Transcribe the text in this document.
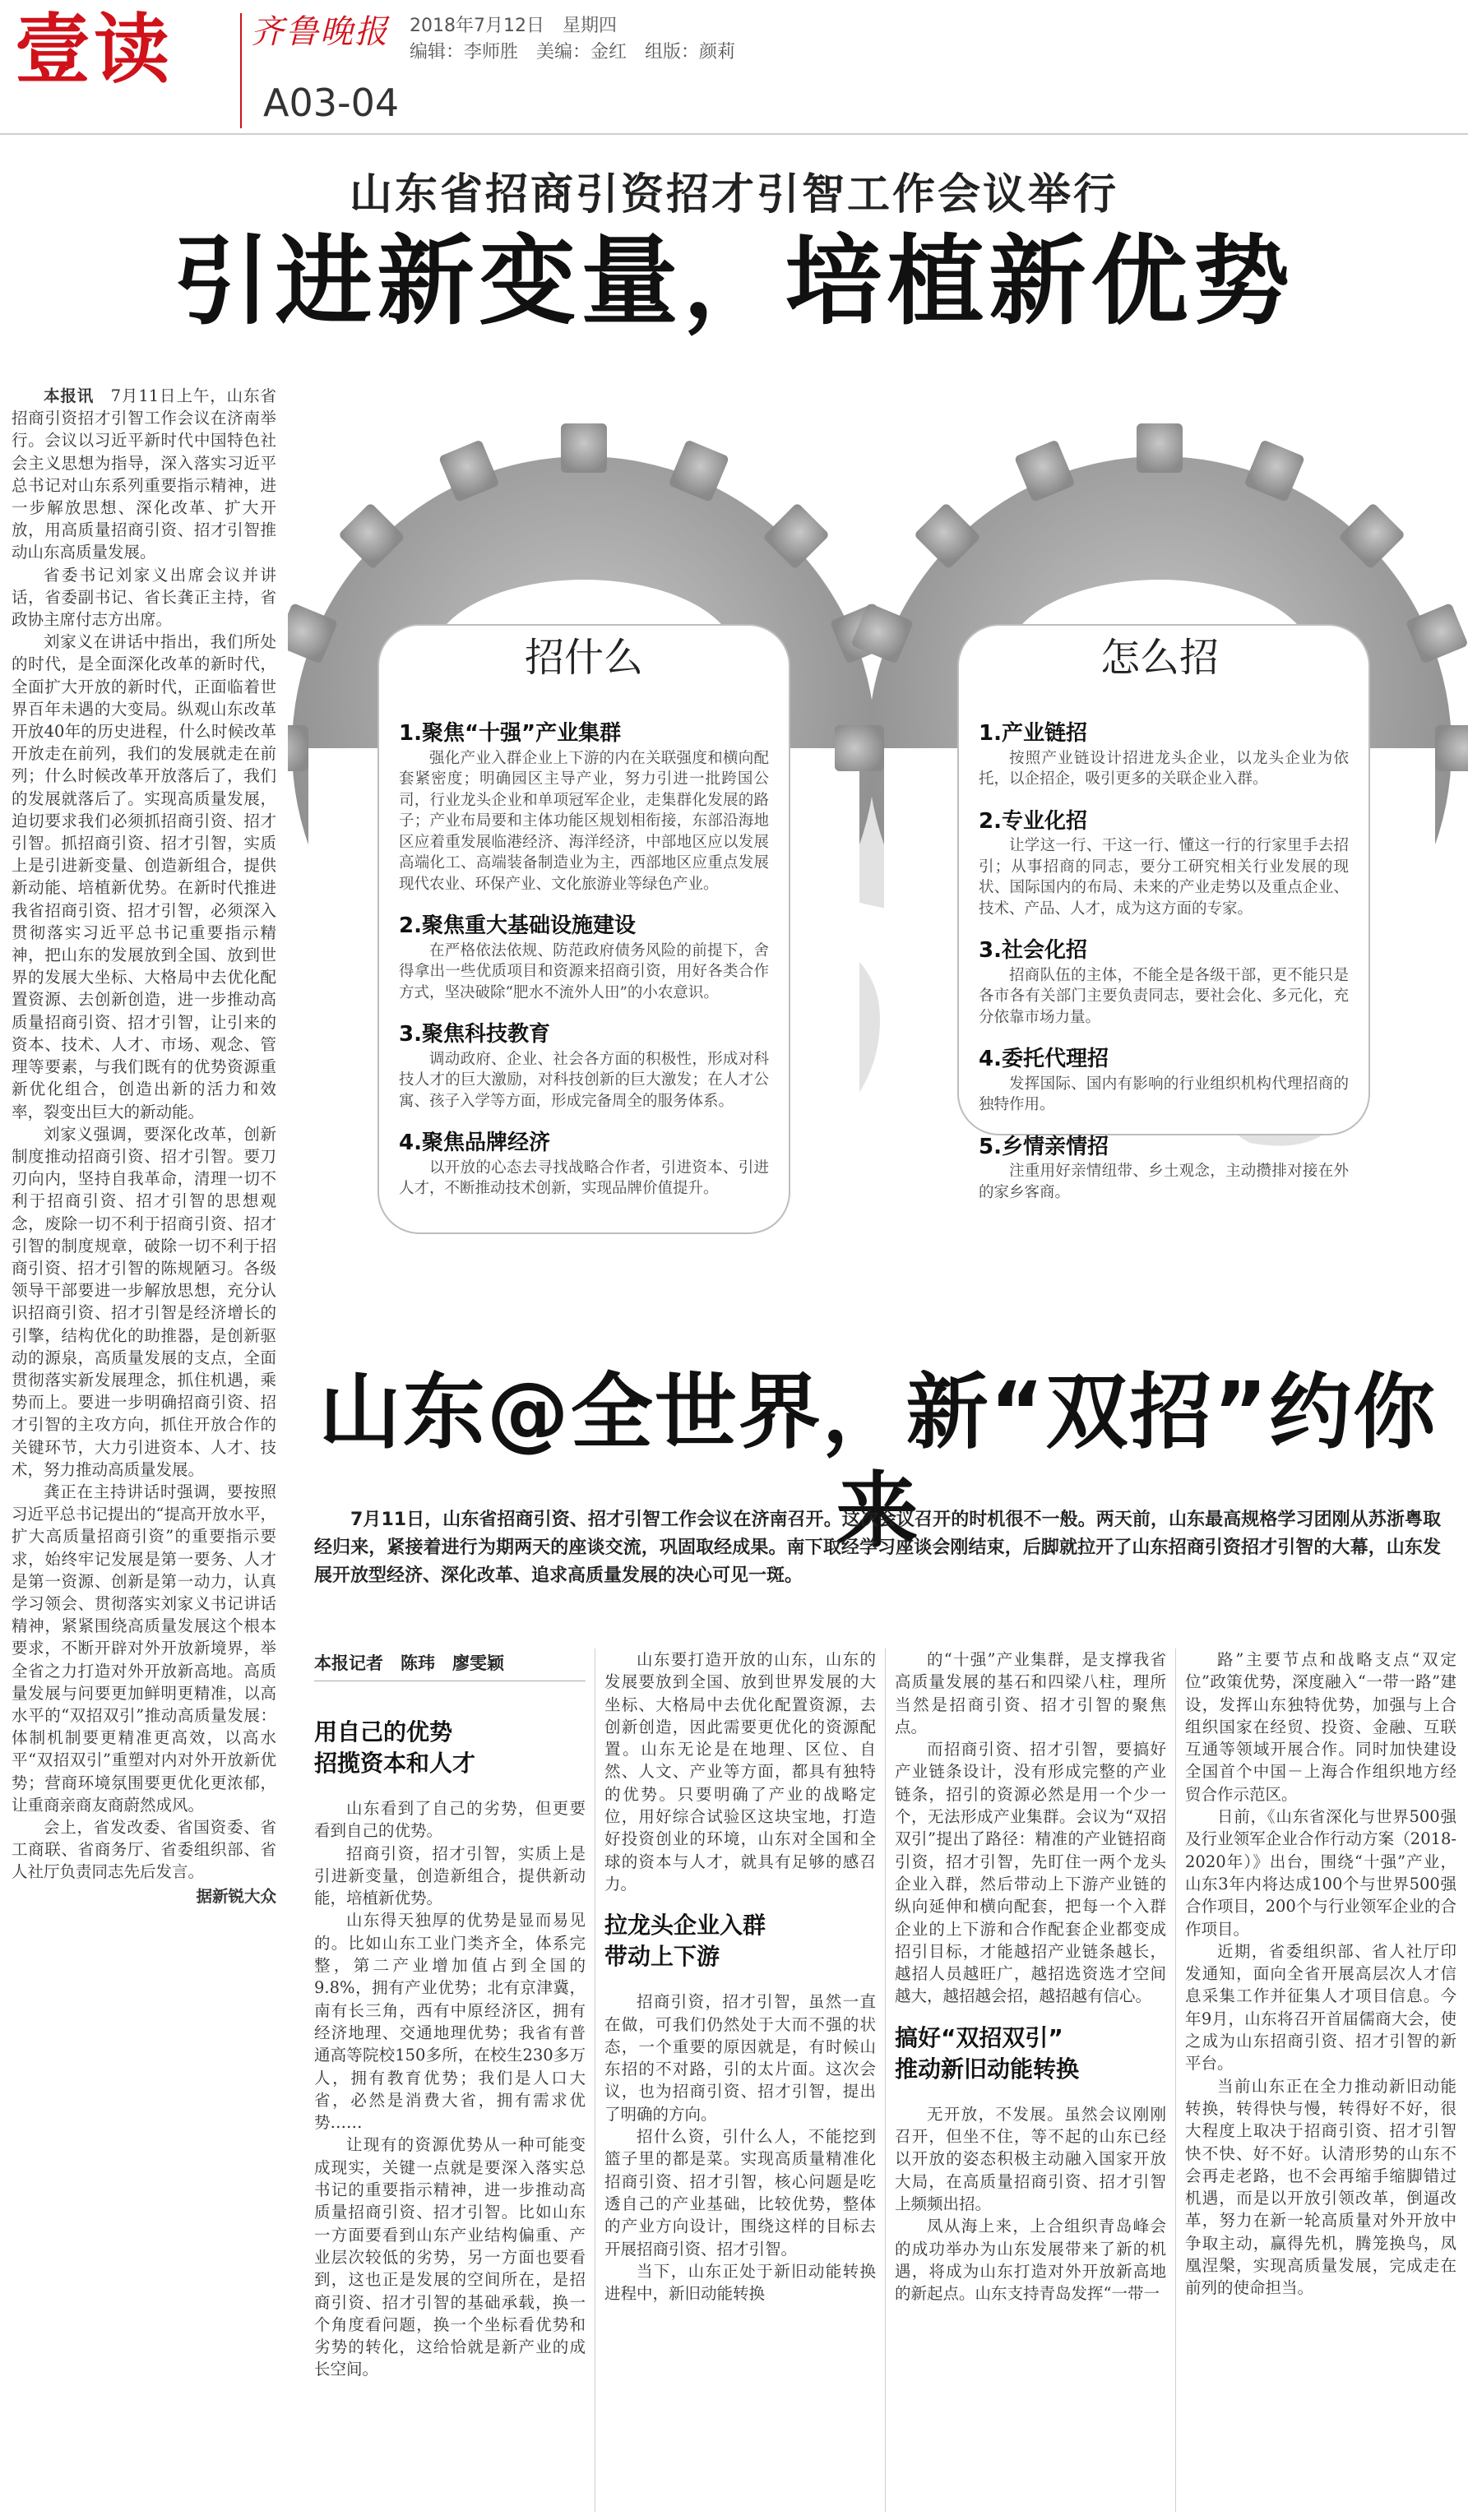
壹读 齐鲁晚报 2018年7月12日　星期四
编辑：李师胜　美编：金红　组版：颜莉
A03-04
山东省招商引资招才引智工作会议举行
引进新变量，培植新优势

本报讯　 7月11日上午，山东省招商引资招才引智工作会议在济南举行。会议以习近平新时代中国特色社会主义思想为指导，深入落实习近平总书记对山东系列重要指示精神，进一步解放思想、深化改革、扩大开放，用高质量招商引资、招才引智推动山东高质量发展。

省委书记刘家义出席会议并讲话，省委副书记、省长龚正主持，省政协主席付志方出席。

刘家义在讲话中指出，我们所处的时代，是全面深化改革的新时代，全面扩大开放的新时代，正面临着世界百年未遇的大变局。纵观山东改革开放40年的历史进程，什么时候改革开放走在前列，我们的发展就走在前列；什么时候改革开放落后了，我们的发展就落后了。实现高质量发展，迫切要求我们必须抓招商引资、招才引智。抓招商引资、招才引智，实质上是引进新变量、创造新组合，提供新动能、培植新优势。在新时代推进我省招商引资、招才引智，必须深入贯彻落实习近平总书记重要指示精神，把山东的发展放到全国、放到世界的发展大坐标、大格局中去优化配置资源、去创新创造，进一步推动高质量招商引资、招才引智，让引来的资本、技术、人才、市场、观念、管理等要素，与我们既有的优势资源重新优化组合，创造出新的活力和效率，裂变出巨大的新动能。

刘家义强调，要深化改革，创新制度推动招商引资、招才引智。要刀刃向内，坚持自我革命，清理一切不利于招商引资、招才引智的思想观念，废除一切不利于招商引资、招才引智的制度规章，破除一切不利于招商引资、招才引智的陈规陋习。各级领导干部要进一步解放思想，充分认识招商引资、招才引智是经济增长的引擎，结构优化的助推器，是创新驱动的源泉，高质量发展的支点，全面贯彻落实新发展理念，抓住机遇，乘势而上。要进一步明确招商引资、招才引智的主攻方向，抓住开放合作的关键环节，大力引进资本、人才、技术，努力推动高质量发展。

龚正在主持讲话时强调，要按照习近平总书记提出的“提高开放水平，扩大高质量招商引资”的重要指示要求，始终牢记发展是第一要务、人才是第一资源、创新是第一动力，认真学习领会、贯彻落实刘家义书记讲话精神，紧紧围绕高质量发展这个根本要求，不断开辟对外开放新境界，举全省之力打造对外开放新高地。高质量发展与问要更加鲜明更精准，以高水平的“双招双引”推动高质量发展：体制机制要更精准更高效，以高水平“双招双引”重塑对内对外开放新优势；营商环境氛围要更优化更浓郁，让重商亲商友商蔚然成风。

会上，省发改委、省国资委、省工商联、省商务厅、省委组织部、省人社厅负责同志先后发言。

据新锐大众
招什么	怎么招
1.聚焦“十强”产业集群

强化产业入群企业上下游的内在关联强度和横向配套紧密度；明确园区主导产业，努力引进一批跨国公司，行业龙头企业和单项冠军企业，走集群化发展的路子；产业布局要和主体功能区规划相衔接，东部沿海地区应着重发展临港经济、海洋经济，中部地区应以发展高端化工、高端装备制造业为主，西部地区应重点发展现代农业、环保产业、文化旅游业等绿色产业。

2.聚焦重大基础设施建设

在严格依法依规、防范政府债务风险的前提下，舍得拿出一些优质项目和资源来招商引资，用好各类合作方式，坚决破除“肥水不流外人田”的小农意识。

3.聚焦科技教育

调动政府、企业、社会各方面的积极性，形成对科技人才的巨大激励，对科技创新的巨大激发；在人才公寓、孩子入学等方面，形成完备周全的服务体系。

4.聚焦品牌经济

以开放的心态去寻找战略合作者，引进资本、引进人才，不断推动技术创新，实现品牌价值提升。

1.产业链招

按照产业链设计招进龙头企业，以龙头企业为依托，以企招企，吸引更多的关联企业入群。

2.专业化招

让学这一行、干这一行、懂这一行的行家里手去招引；从事招商的同志，要分工研究相关行业发展的现状、国际国内的布局、未来的产业走势以及重点企业、技术、产品、人才，成为这方面的专家。

3.社会化招

招商队伍的主体，不能全是各级干部，更不能只是各市各有关部门主要负责同志，要社会化、多元化，充分依靠市场力量。

4.委托代理招

发挥国际、国内有影响的行业组织机构代理招商的独特作用。

5.乡情亲情招

注重用好亲情纽带、乡土观念，主动攒排对接在外的家乡客商。

山东@全世界，新“双招”约你来
7月11日，山东省招商引资、招才引智工作会议在济南召开。这次会议召开的时机很不一般。两天前，山东最高规格学习团刚从苏浙粤取经归来，紧接着进行为期两天的座谈交流，巩固取经成果。南下取经学习座谈会刚结束，后脚就拉开了山东招商引资招才引智的大幕，山东发展开放型经济、深化改革、追求高质量发展的决心可见一斑。
本报记者　陈玮　廖雯颖
用自己的优势
招揽资本和人才

山东看到了自己的劣势，但更要看到自己的优势。

招商引资，招才引智，实质上是引进新变量，创造新组合，提供新动能，培植新优势。

山东得天独厚的优势是显而易见的。比如山东工业门类齐全，体系完整，第二产业增加值占到全国的9.8%，拥有产业优势；北有京津冀，南有长三角，西有中原经济区，拥有经济地理、交通地理优势；我省有普通高等院校150多所，在校生230多万人，拥有教育优势；我们是人口大省，必然是消费大省，拥有需求优势……

让现有的资源优势从一种可能变成现实，关键一点就是要深入落实总书记的重要指示精神，进一步推动高质量招商引资、招才引智。比如山东一方面要看到山东产业结构偏重、产业层次较低的劣势，另一方面也要看到，这也正是发展的空间所在，是招商引资、招才引智的基础承载，换一个角度看问题，换一个坐标看优势和劣势的转化，这给恰就是新产业的成长空间。

山东要打造开放的山东，山东的发展要放到全国、放到世界发展的大坐标、大格局中去优化配置资源，去创新创造，因此需要更优化的资源配置。山东无论是在地理、区位、自然、人文、产业等方面，都具有独特的优势。只要明确了产业的战略定位，用好综合试验区这块宝地，打造好投资创业的环境，山东对全国和全球的资本与人才，就具有足够的感召力。

拉龙头企业入群
带动上下游

招商引资，招才引智，虽然一直在做，可我们仍然处于大而不强的状态，一个重要的原因就是，有时候山东招的不对路，引的太片面。这次会议，也为招商引资、招才引智，提出了明确的方向。

招什么资，引什么人，不能挖到篮子里的都是菜。实现高质量精准化招商引资、招才引智，核心问题是吃透自己的产业基础，比较优势，整体的产业方向设计，围绕这样的目标去开展招商引资、招才引智。

当下，山东正处于新旧动能转换进程中，新旧动能转换

的“十强”产业集群，是支撑我省高质量发展的基石和四梁八柱，理所当然是招商引资、招才引智的聚焦点。

而招商引资、招才引智，要搞好产业链条设计，没有形成完整的产业链条，招引的资源必然是用一个少一个，无法形成产业集群。会议为“双招双引”提出了路径：精准的产业链招商引资，招才引智，先盯住一两个龙头企业入群，然后带动上下游产业链的纵向延伸和横向配套，把每一个入群企业的上下游和合作配套企业都变成招引目标，才能越招产业链条越长，越招人员越旺广，越招选资选才空间越大，越招越会招，越招越有信心。

搞好“双招双引”
推动新旧动能转换

无开放，不发展。虽然会议刚刚召开，但坐不住，等不起的山东已经以开放的姿态积极主动融入国家开放大局，在高质量招商引资、招才引智上频频出招。

凤从海上来，上合组织青岛峰会的成功举办为山东发展带来了新的机遇，将成为山东打造对外开放新高地的新起点。山东支持青岛发挥“一带一

路”主要节点和战略支点“双定位”政策优势，深度融入“一带一路”建设，发挥山东独特优势，加强与上合组织国家在经贸、投资、金融、互联互通等领域开展合作。同时加快建设全国首个中国－上海合作组织地方经贸合作示范区。

日前，《山东省深化与世界500强及行业领军企业合作行动方案（2018-2020年）》出台，围绕“十强”产业，山东3年内将达成100个与世界500强合作项目，200个与行业领军企业的合作项目。

近期，省委组织部、省人社厅印发通知，面向全省开展高层次人才信息采集工作并征集人才项目信息。今年9月，山东将召开首届儒商大会，使之成为山东招商引资、招才引智的新平台。

当前山东正在全力推动新旧动能转换，转得快与慢，转得好不好，很大程度上取决于招商引资、招才引智快不快、好不好。认清形势的山东不会再走老路，也不会再缩手缩脚错过机遇，而是以开放引领改革，倒逼改革，努力在新一轮高质量对外开放中争取主动，赢得先机，腾笼换鸟，凤凰涅槃，实现高质量发展，完成走在前列的使命担当。
